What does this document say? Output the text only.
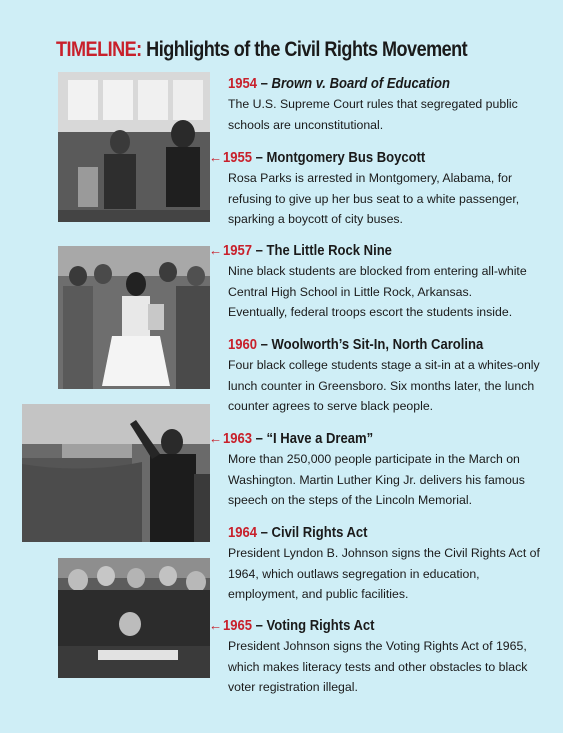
TIMELINE: Highlights of the Civil Rights Movement
1954 – Brown v. Board of Education
The U.S. Supreme Court rules that segregated public schools are unconstitutional.
←1955 – Montgomery Bus Boycott
Rosa Parks is arrested in Montgomery, Alabama, for refusing to give up her bus seat to a white passenger, sparking a boycott of city buses.
←1957 – The Little Rock Nine
Nine black students are blocked from entering all-white Central High School in Little Rock, Arkansas. Eventually, federal troops escort the students inside.
1960 – Woolworth’s Sit-In, North Carolina
Four black college students stage a sit-in at a whites-only lunch counter in Greensboro. Six months later, the lunch counter agrees to serve black people.
←1963 – “I Have a Dream”
More than 250,000 people participate in the March on Washington. Martin Luther King Jr. delivers his famous speech on the steps of the Lincoln Memorial.
1964 – Civil Rights Act
President Lyndon B. Johnson signs the Civil Rights Act of 1964, which outlaws segregation in education, employment, and public facilities.
←1965 – Voting Rights Act
President Johnson signs the Voting Rights Act of 1965, which makes literacy tests and other obstacles to black voter registration illegal.
